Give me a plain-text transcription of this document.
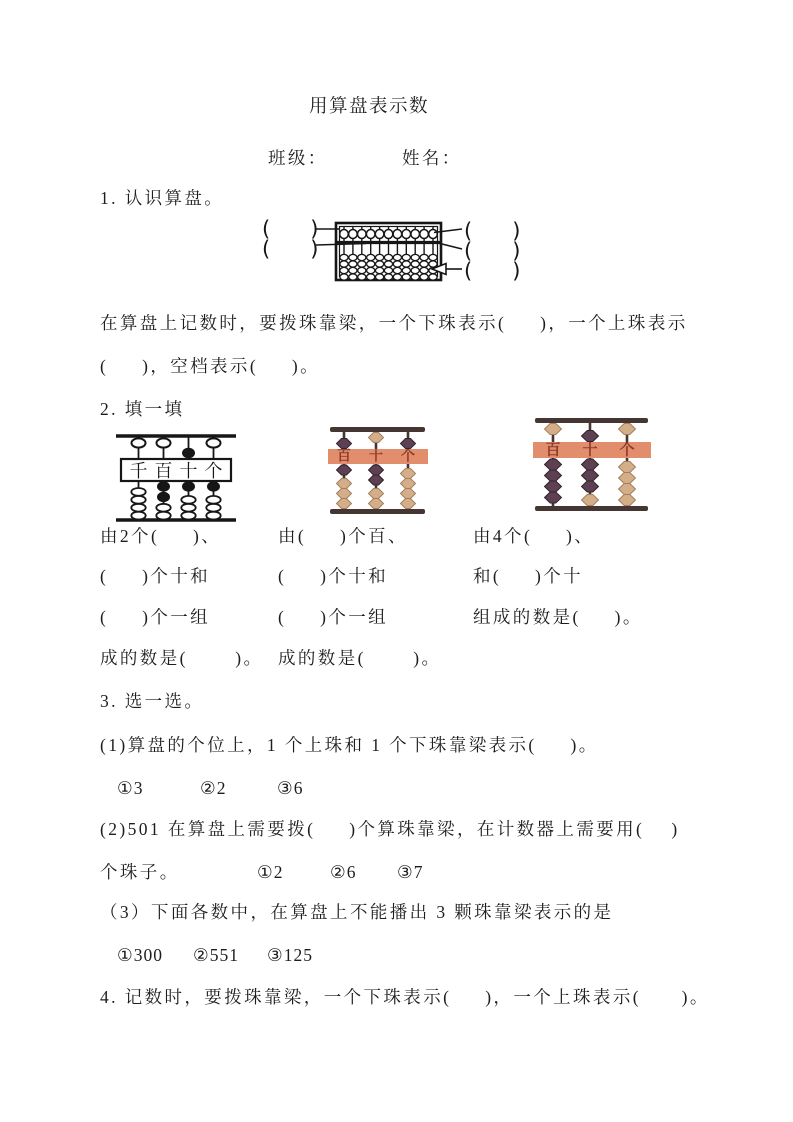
用算盘表示数
班级：	姓名：
1. 认识算盘。
(      )
(      )
(      )
(      )
(      )
在算盘上记数时，要拨珠靠梁，一个下珠表示(     )，一个上珠表示
(     )，空档表示(     )。
2. 填一填
千 百 十 个
百 十 个	百 十 个
由2个(     )、
(     )个十和
(     )个一组
成的数是(       )。
由(     )个百、
(     )个十和
(     )个一组
成的数是(       )。
由4个(     )、
和(     )个十
组成的数是(     )。
3. 选一选。
(1)算盘的个位上，1 个上珠和 1 个下珠靠梁表示(     )。
①3	②2	③6
(2)501 在算盘上需要拨(     )个算珠靠梁，在计数器上需要用(    )
个珠子。	①2	②6 ③7
（3）下面各数中，在算盘上不能播出 3 颗珠靠梁表示的是
①300 ②551 ③125
4. 记数时，要拨珠靠梁，一个下珠表示(     )，一个上珠表示(      )。
